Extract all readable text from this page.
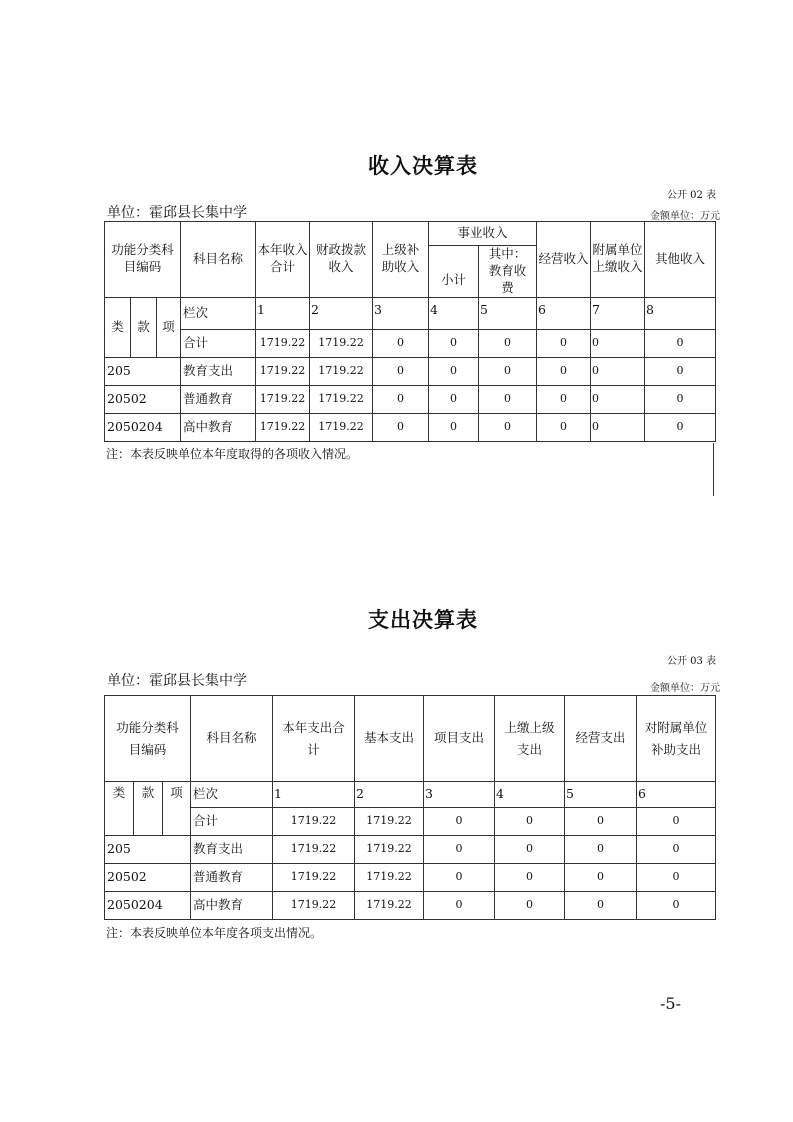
收入决算表
公开 02 表
单位：霍邱县长集中学	金额单位：万元
功能分类科目编码			科目名称	本年收入合计	财政拨款收入	上级补助收入	事业收入		经营收入	附属单位上缴收入	其他收入
							小计	其中：教育收费			
类	款	项	栏次	1	2	3	4	5	6	7	8
			合计	1719.22	1719.22	0	0	0	0	0	0
205			教育支出	1719.22	1719.22	0	0	0	0	0	0
20502			普通教育	1719.22	1719.22	0	0	0	0	0	0
2050204			高中教育	1719.22	1719.22	0	0	0	0	0	0
注：本表反映单位本年度取得的各项收入情况。
支出决算表
公开 03 表
单位：霍邱县长集中学	金额单位：万元
功能分类科目编码			科目名称	本年支出合计	基本支出	项目支出	上缴上级支出	经营支出	对附属单位补助支出
类	款	项	栏次	1	2	3	4	5	6
			合计	1719.22	1719.22	0	0	0	0
205			教育支出	1719.22	1719.22	0	0	0	0
20502			普通教育	1719.22	1719.22	0	0	0	0
2050204			高中教育	1719.22	1719.22	0	0	0	0
注：本表反映单位本年度各项支出情况。
-5-
